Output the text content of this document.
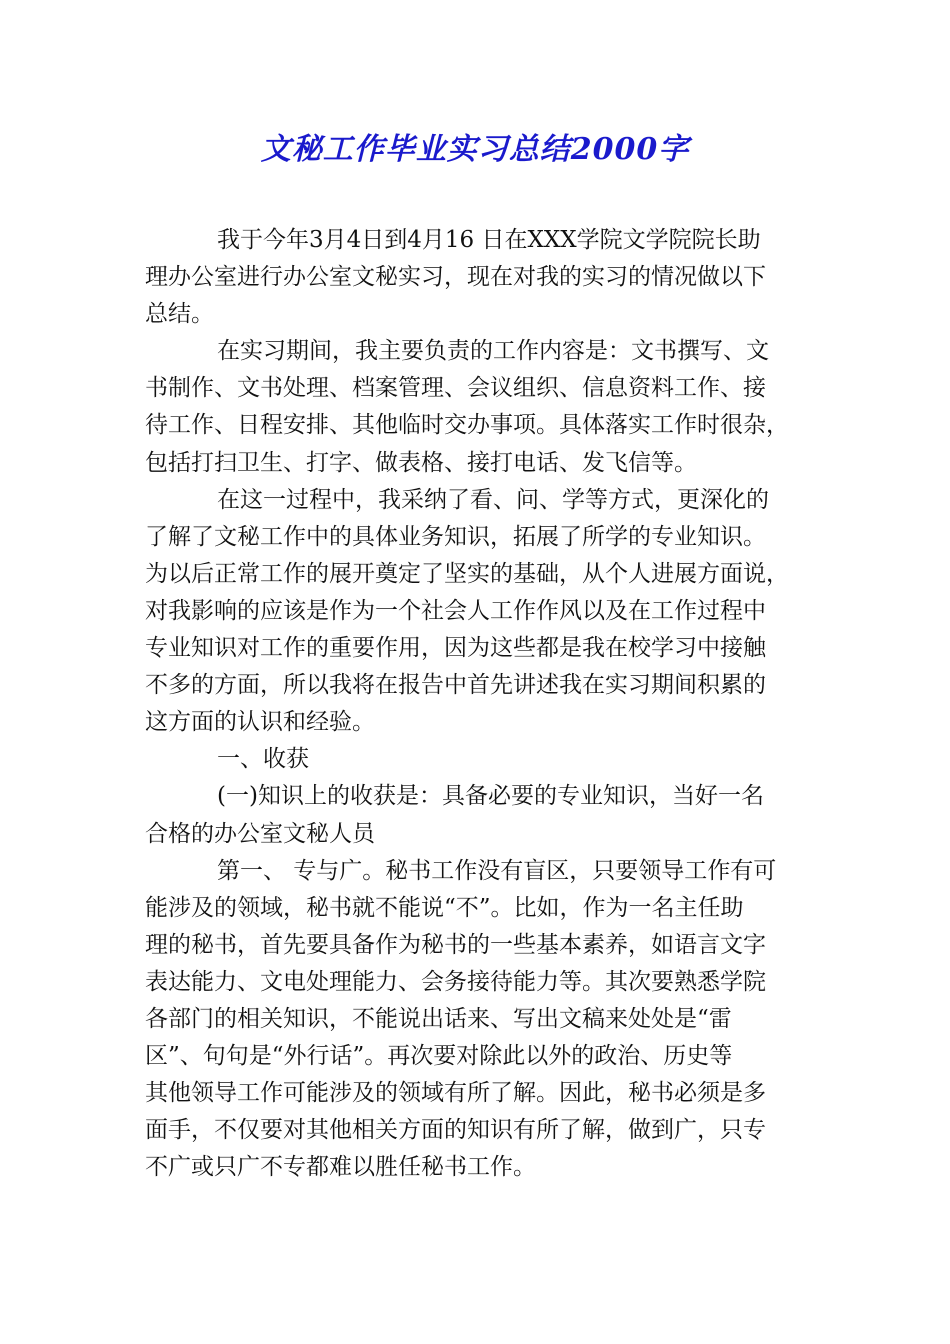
文秘工作毕业实习总结2000字
我于今年3月4日到4月16 日在XXX学院文学院院长助
理办公室进行办公室文秘实习，现在对我的实习的情况做以下
总结。
在实习期间，我主要负责的工作内容是：文书撰写、文
书制作、文书处理、档案管理、会议组织、信息资料工作、接
待工作、日程安排、其他临时交办事项。具体落实工作时很杂，
包括打扫卫生、打字、做表格、接打电话、发飞信等。
在这一过程中，我采纳了看、问、学等方式，更深化的
了解了文秘工作中的具体业务知识，拓展了所学的专业知识。
为以后正常工作的展开奠定了坚实的基础，从个人进展方面说，
对我影响的应该是作为一个社会人工作作风以及在工作过程中
专业知识对工作的重要作用，因为这些都是我在校学习中接触
不多的方面，所以我将在报告中首先讲述我在实习期间积累的
这方面的认识和经验。
一、收获
(一)知识上的收获是：具备必要的专业知识，当好一名
合格的办公室文秘人员
第一、 专与广。秘书工作没有盲区，只要领导工作有可
能涉及的领域，秘书就不能说“不”。比如，作为一名主任助
理的秘书，首先要具备作为秘书的一些基本素养，如语言文字
表达能力、文电处理能力、会务接待能力等。其次要熟悉学院
各部门的相关知识，不能说出话来、写出文稿来处处是“雷
区”、句句是“外行话”。再次要对除此以外的政治、历史等
其他领导工作可能涉及的领域有所了解。因此，秘书必须是多
面手，不仅要对其他相关方面的知识有所了解，做到广，只专
不广或只广不专都难以胜任秘书工作。
